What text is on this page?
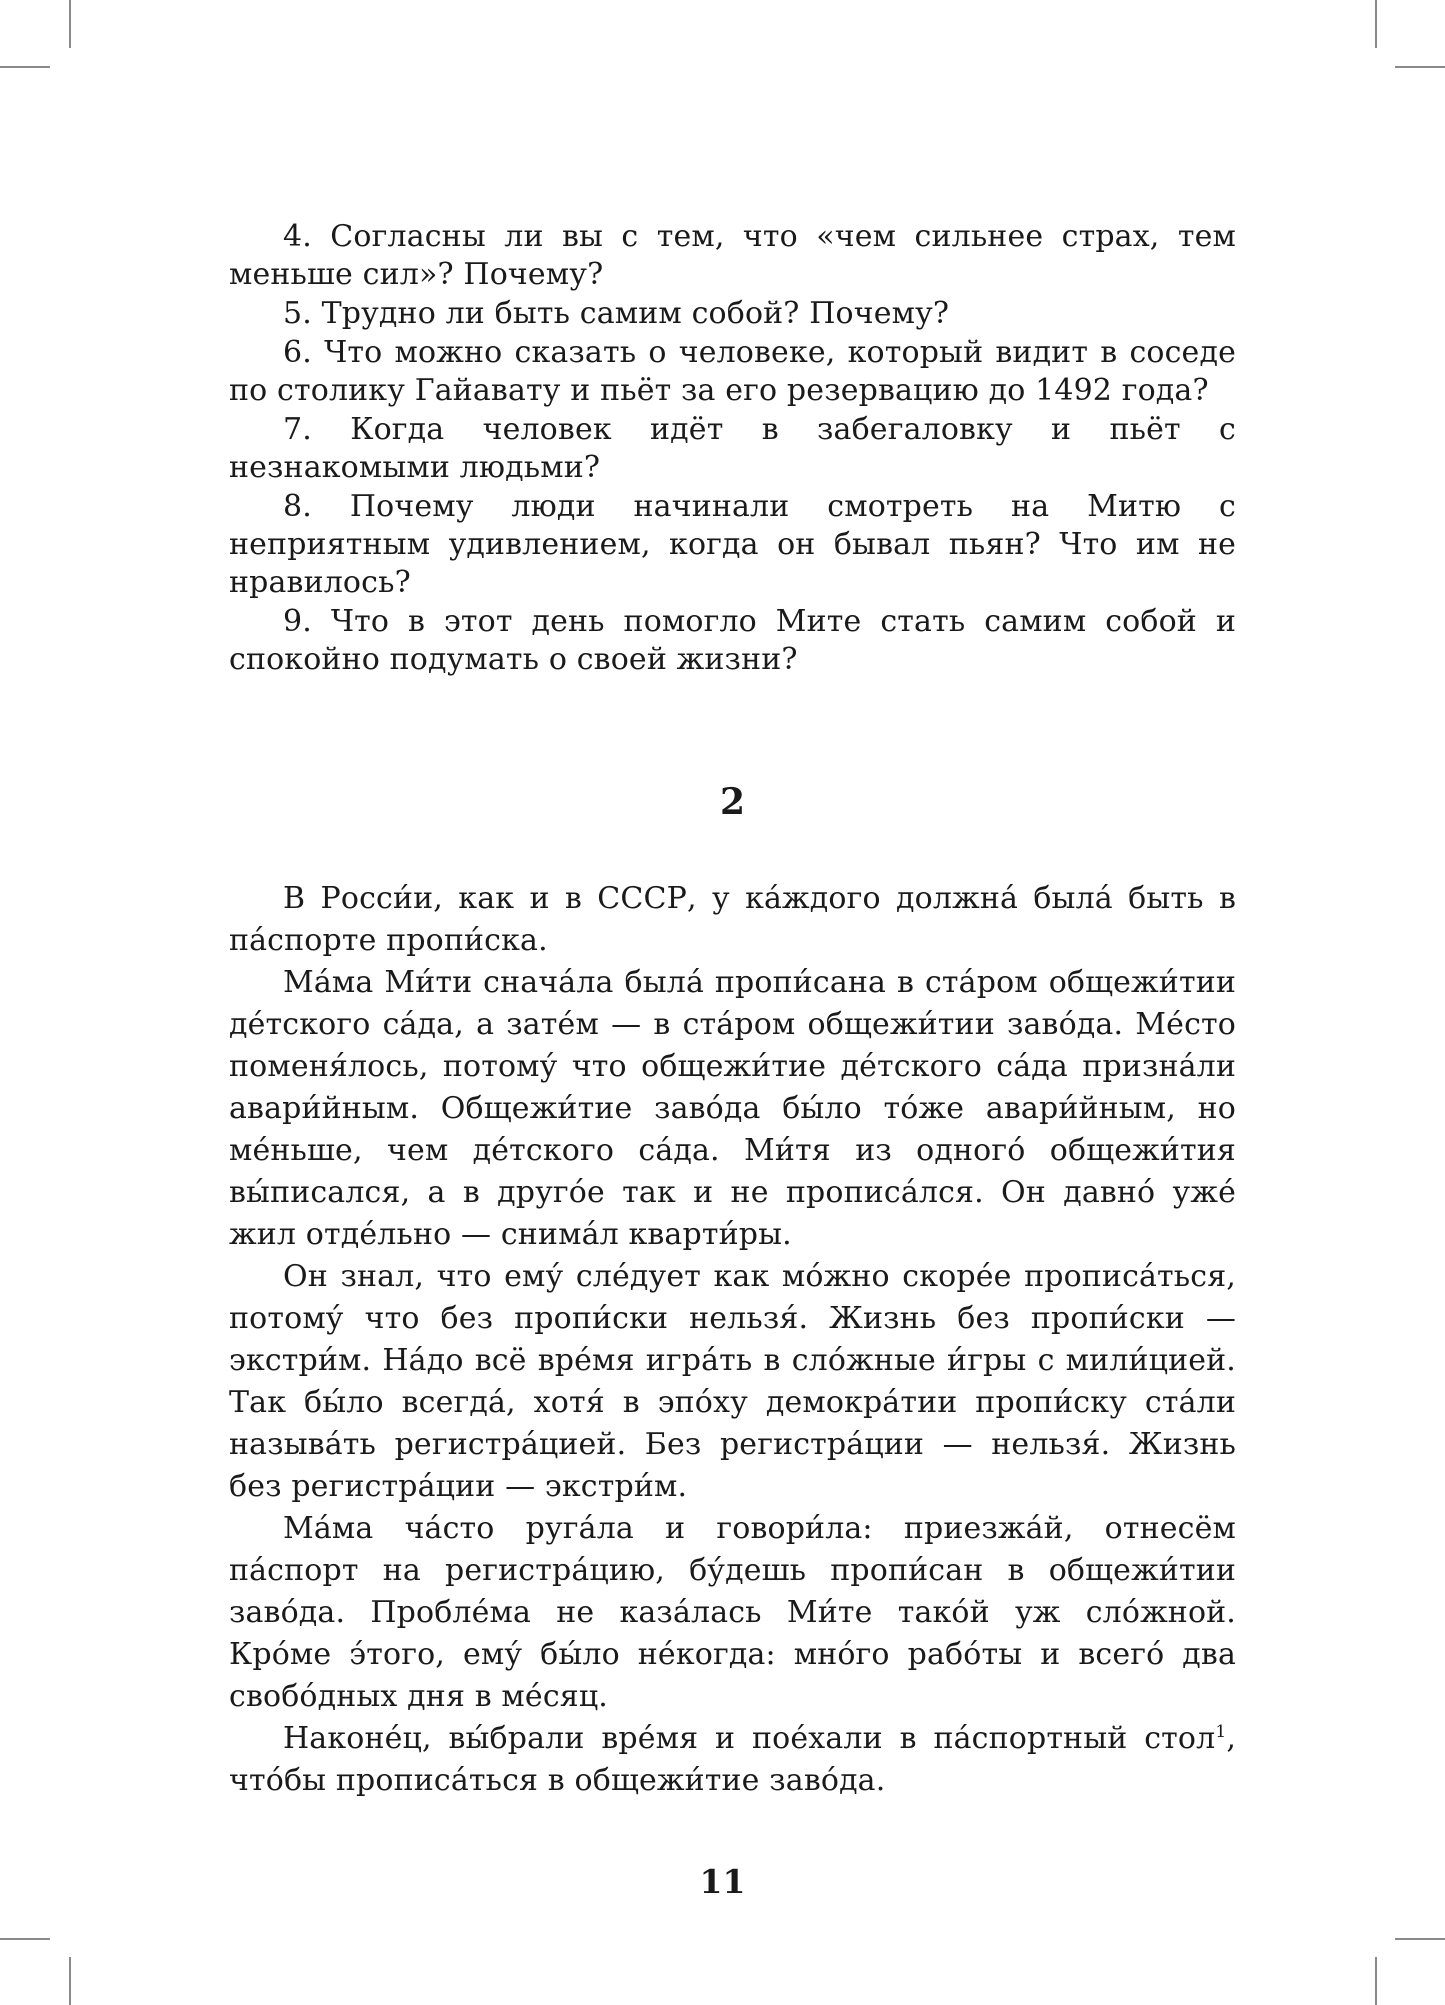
4. Согласны ли вы с тем, что «чем сильнее страх, тем меньше сил»? Почему?

5. Трудно ли быть самим собой? Почему?

6. Что можно сказать о человеке, который видит в соседе по столику Гайавату и пьёт за его резервацию до 1492 года?

7. Когда человек идёт в забегаловку и пьёт с незнакомыми людьми?

8. Почему люди начинали смотреть на Митю с неприятным удивлением, когда он бывал пьян? Что им не нравилось?

9. Что в этот день помогло Мите стать самим собой и спокойно подумать о своей жизни?

2

В Росси́и, как и в СССР, у ка́ждого должна́ была́ быть в па́спорте пропи́ска.

Ма́ма Ми́ти снача́ла была́ пропи́сана в ста́ром общежи́тии де́тского са́да, а зате́м — в ста́ром общежи́тии заво́да. Ме́сто поменя́лось, потому́ что общежи́тие де́тского са́да призна́ли авари́йным. Общежи́тие заво́да бы́ло то́же авари́йным, но ме́ньше, чем де́тского са́да. Ми́тя из одного́ общежи́тия вы́писался, а в друго́е так и не прописа́лся. Он давно́ уже́ жил отде́льно — снима́л кварти́ры.

Он знал, что ему́ сле́дует как мо́жно скоре́е прописа́ться, потому́ что без пропи́ски нельзя́. Жизнь без пропи́ски — экстри́м. На́до всё вре́мя игра́ть в сло́жные и́гры с мили́цией. Так бы́ло всегда́, хотя́ в эпо́ху демокра́тии пропи́ску ста́ли называ́ть регистра́цией. Без регистра́ции — нельзя́. Жизнь без регистра́ции — экстри́м.

Ма́ма ча́сто руга́ла и говори́ла: приезжа́й, отнесём па́спорт на регистра́цию, бу́дешь пропи́сан в общежи́тии заво́да. Пробле́ма не каза́лась Ми́те тако́й уж сло́жной. Кро́ме э́того, ему́ бы́ло не́когда: мно́го рабо́ты и всего́ два свобо́дных дня в ме́сяц.

Наконе́ц, вы́брали вре́мя и пое́хали в па́спортный стол$^1$, что́бы прописа́ться в общежи́тие заво́да.

11
